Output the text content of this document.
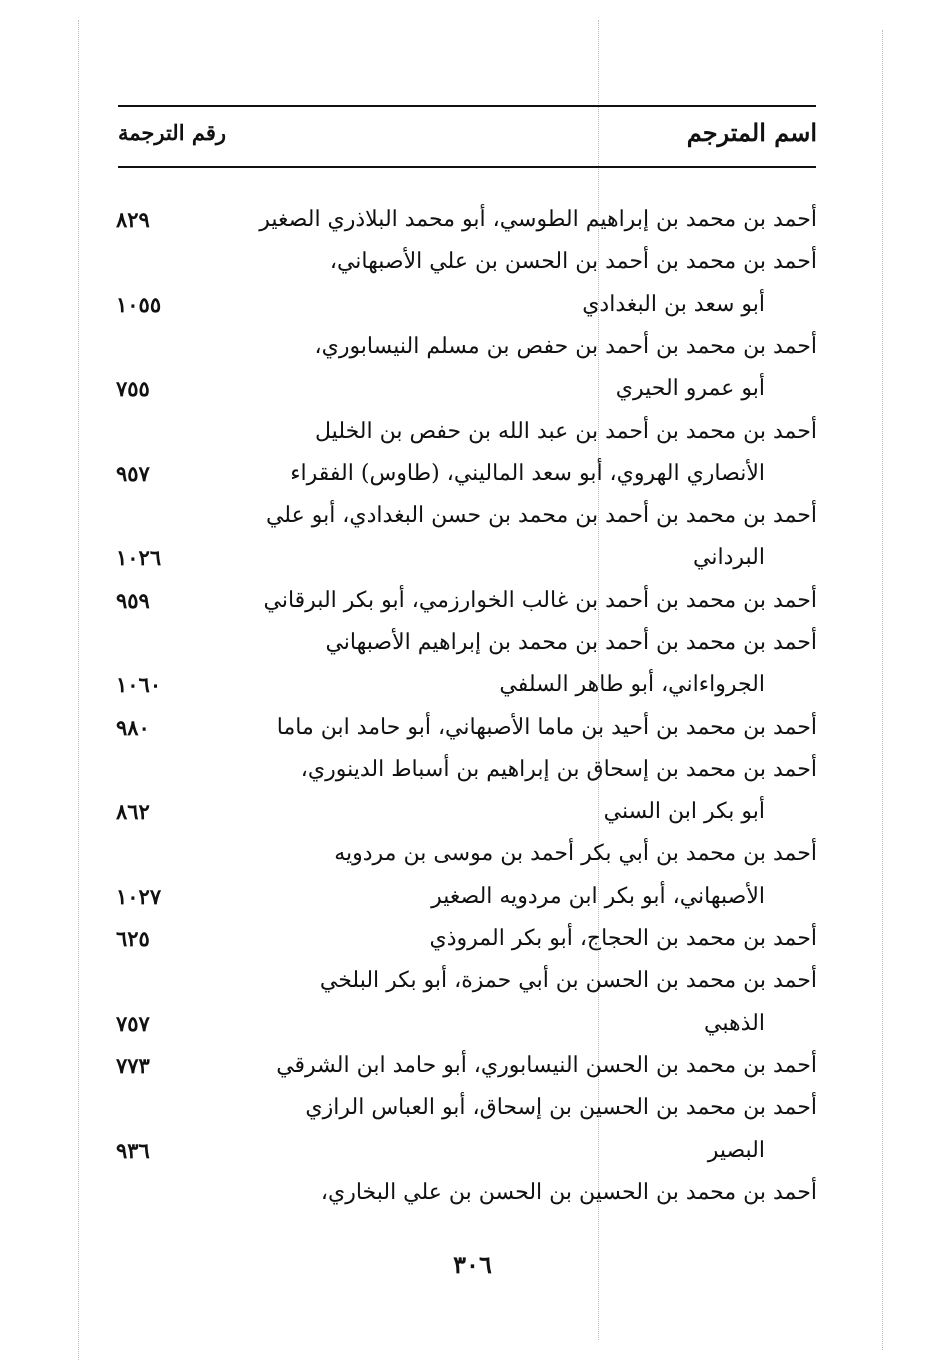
اسم المترجم
رقم الترجمة
أحمد بن محمد بن إبراهيم الطوسي، أبو محمد البلاذري الصغير
٨٢٩
أحمد بن محمد بن أحمد بن الحسن بن علي الأصبهاني،
أبو سعد بن البغدادي
١٠٥٥
أحمد بن محمد بن أحمد بن حفص بن مسلم النيسابوري،
أبو عمرو الحيري
٧٥٥
أحمد بن محمد بن أحمد بن عبد الله بن حفص بن الخليل
الأنصاري الهروي، أبو سعد الماليني، (طاوس) الفقراء
٩٥٧
أحمد بن محمد بن أحمد بن محمد بن حسن البغدادي، أبو علي
البرداني
١٠٢٦
أحمد بن محمد بن أحمد بن غالب الخوارزمي، أبو بكر البرقاني
٩٥٩
أحمد بن محمد بن أحمد بن محمد بن إبراهيم الأصبهاني
الجرواءاني، أبو طاهر السلفي
١٠٦٠
أحمد بن محمد بن أحيد بن ماما الأصبهاني، أبو حامد ابن ماما
٩٨٠
أحمد بن محمد بن إسحاق بن إبراهيم بن أسباط الدينوري،
أبو بكر ابن السني
٨٦٢
أحمد بن محمد بن أبي بكر أحمد بن موسى بن مردويه
الأصبهاني، أبو بكر ابن مردويه الصغير
١٠٢٧
أحمد بن محمد بن الحجاج، أبو بكر المروذي
٦٢٥
أحمد بن محمد بن الحسن بن أبي حمزة، أبو بكر البلخي
الذهبي
٧٥٧
أحمد بن محمد بن الحسن النيسابوري، أبو حامد ابن الشرقي
٧٧٣
أحمد بن محمد بن الحسين بن إسحاق، أبو العباس الرازي
البصير
٩٣٦
أحمد بن محمد بن الحسين بن الحسن بن علي البخاري،
٣٠٦
